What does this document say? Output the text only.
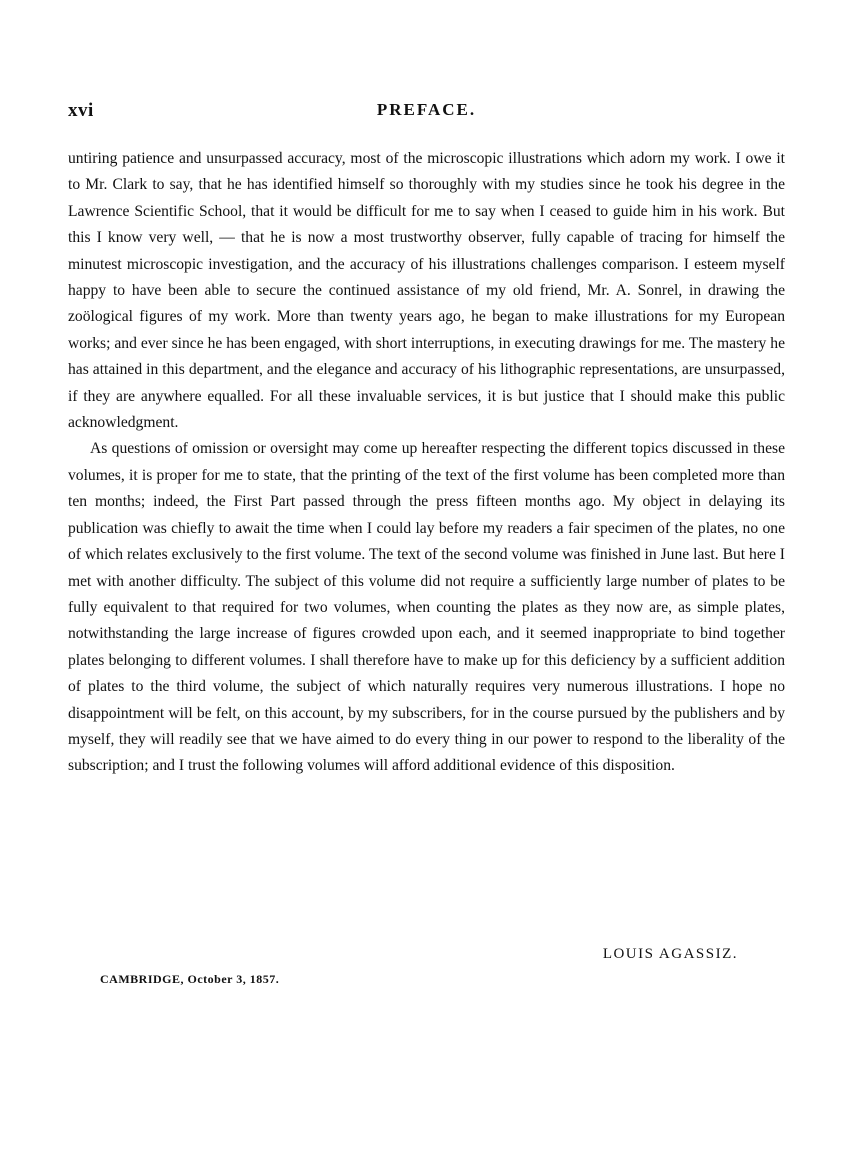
xvi	PREFACE.

untiring patience and unsurpassed accuracy, most of the microscopic illustrations which adorn my work. I owe it to Mr. Clark to say, that he has identified himself so thoroughly with my studies since he took his degree in the Lawrence Scientific School, that it would be difficult for me to say when I ceased to guide him in his work. But this I know very well, — that he is now a most trustworthy observer, fully capable of tracing for himself the minutest microscopic investigation, and the accuracy of his illustrations challenges comparison. I esteem myself happy to have been able to secure the continued assistance of my old friend, Mr. A. Sonrel, in drawing the zoölogical figures of my work. More than twenty years ago, he began to make illustrations for my European works; and ever since he has been engaged, with short interruptions, in executing drawings for me. The mastery he has attained in this department, and the elegance and accuracy of his lithographic representations, are unsurpassed, if they are anywhere equalled. For all these invaluable services, it is but justice that I should make this public acknowledgment.

As questions of omission or oversight may come up hereafter respecting the different topics discussed in these volumes, it is proper for me to state, that the printing of the text of the first volume has been completed more than ten months; indeed, the First Part passed through the press fifteen months ago. My object in delaying its publication was chiefly to await the time when I could lay before my readers a fair specimen of the plates, no one of which relates exclusively to the first volume. The text of the second volume was finished in June last. But here I met with another difficulty. The subject of this volume did not require a sufficiently large number of plates to be fully equivalent to that required for two volumes, when counting the plates as they now are, as simple plates, notwithstanding the large increase of figures crowded upon each, and it seemed inappropriate to bind together plates belonging to different volumes. I shall therefore have to make up for this deficiency by a sufficient addition of plates to the third volume, the subject of which naturally requires very numerous illustrations. I hope no disappointment will be felt, on this account, by my subscribers, for in the course pursued by the publishers and by myself, they will readily see that we have aimed to do every thing in our power to respond to the liberality of the subscription; and I trust the following volumes will afford additional evidence of this disposition.

LOUIS AGASSIZ.
CAMBRIDGE, October 3, 1857.
